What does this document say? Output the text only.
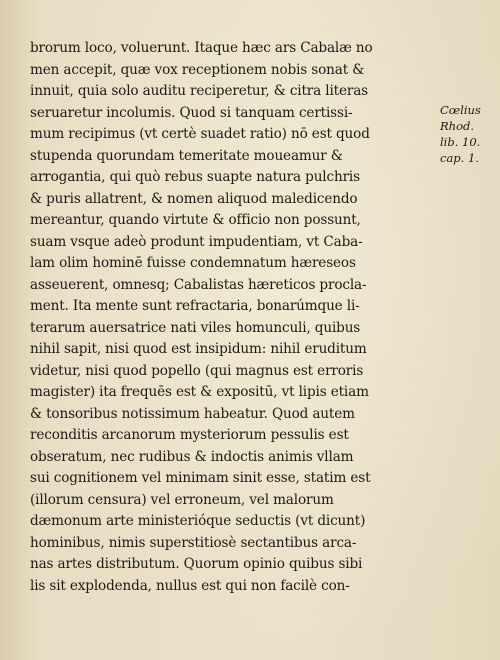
brorum loco, voluerunt. Itaque hæc ars Cabalæ no
men accepit, quæ vox receptionem nobis sonat &
innuit, quia solo auditu reciperetur, & citra literas
seruaretur incolumis. Quod si tanquam certissi-
mum recipimus (vt certè suadet ratio) nō est quod
stupenda quorundam temeritate moueamur &
arrogantia, qui quò rebus suapte natura pulchris
& puris allatrent, & nomen aliquod maledicendo
mereantur, quando virtute & officio non possunt,
suam vsque adeò produnt impudentiam, vt Caba-
lam olim hominē fuisse condemnatum hæreseos
asseuerent, omnesq; Cabalistas hæreticos procla-
ment. Ita mente sunt refractaria, bonarúmque li-
terarum auersatrice nati viles homunculi, quibus
nihil sapit, nisi quod est insipidum: nihil eruditum
videtur, nisi quod popello (qui magnus est erroris
magister) ita frequēs est & expositū, vt lipis etiam
& tonsoribus notissimum habeatur. Quod autem
reconditis arcanorum mysteriorum pessulis est
obseratum, nec rudibus & indoctis animis vllam
sui cognitionem vel minimam sinit esse, statim est
(illorum censura) vel erroneum, vel malorum
dæmonum arte ministerióque seductis (vt dicunt)
hominibus, nimis superstitiosè sectantibus arca-
nas artes distributum. Quorum opinio quibus sibi
lis sit explodenda, nullus est qui non facilè con-
Cœlius
Rhod.
lib. 10.
cap. 1.
